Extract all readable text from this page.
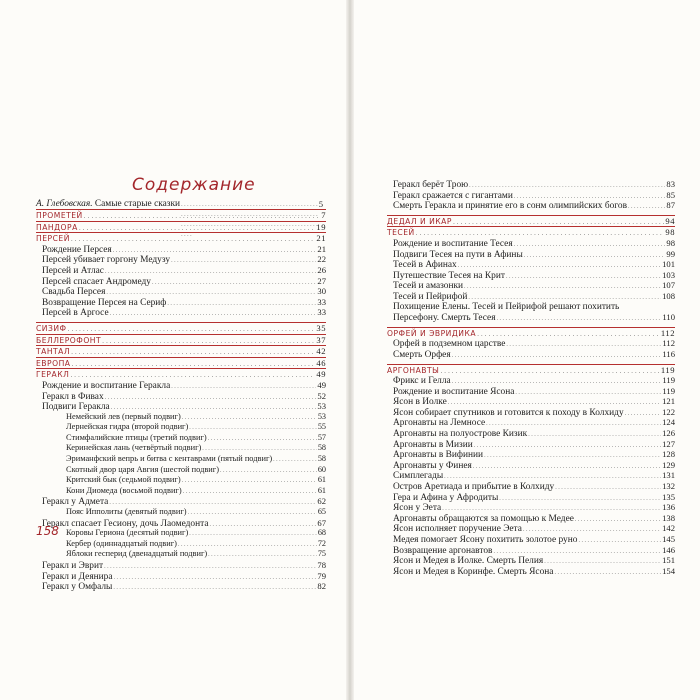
Содержание
А. Глебовская. Самые старые сказки . . .	5
ПРОМЕТЕЙ . . .	7
ПАНДОРА . . .	19
ПЕРСЕЙ . . .	21
Рождение Персея . . .	21
Персей убивает горгону Медузу . . .	22
Персей и Атлас . . .	26
Персей спасает Андромеду . . .	27
Свадьба Персея . . .	30
Возвращение Персея на Сериф . . .	33
Персей в Аргосе . . .	33
СИЗИФ . . .	35
БЕЛЛЕРОФОНТ . . .	37
ТАНТАЛ . . .	42
ЕВРОПА . . .	46
ГЕРАКЛ . . .	49
Рождение и воспитание Геракла . . .	49
Геракл в Фивах . . .	52
Подвиги Геракла . . .	53
Немейский лев (первый подвиг) . . .	53
Лернейская гидра (второй подвиг) . . .	55
Стимфалийские птицы (третий подвиг) . . .	57
Керинейская лань (четвёртый подвиг) . . .	58
Эриманфский вепрь и битва с кентаврами (пятый подвиг) . . .	58
Скотный двор царя Авгия (шестой подвиг) . . .	60
Критский бык (седьмой подвиг) . . .	61
Кони Диомеда (восьмой подвиг) . . .	61
Геракл у Адмета . . .	62
Пояс Ипполиты (девятый подвиг) . . .	65
Геракл спасает Гесиону, дочь Лаомедонта . . .	67
Коровы Гериона (десятый подвиг) . . .	68
Кербер (одиннадцатый подвиг) . . .	72
Яблоки гесперид (двенадцатый подвиг) . . .	75
Геракл и Эврит . . .	78
Геракл и Деянира . . .	79
Геракл у Омфалы . . .	82
Геракл берёт Трою . . .	83
Геракл сражается с гигантами . . .	85
Смерть Геракла и принятие его в сонм олимпийских богов . . .	87
ДЕДАЛ И ИКАР . . .	94
ТЕСЕЙ . . .	98
Рождение и воспитание Тесея . . .	98
Подвиги Тесея на пути в Афины . . .	99
Тесей в Афинах . . .	101
Путешествие Тесея на Крит . . .	103
Тесей и амазонки . . .	107
Тесей и Пейрифой . . .	108
Похищение Елены. Тесей и Пейрифой решают похитить
Персефону. Смерть Тесея . . .	110
ОРФЕЙ И ЭВРИДИКА . . .	112
Орфей в подземном царстве . . .	112
Смерть Орфея . . .	116
АРГОНАВТЫ . . .	119
Фрикс и Гелла . . .	119
Рождение и воспитание Ясона . . .	119
Ясон в Иолке . . .	121
Ясон собирает спутников и готовится к походу в Колхиду . . .	122
Аргонавты на Лемносе . . .	124
Аргонавты на полуострове Кизик . . .	126
Аргонавты в Мизии . . .	127
Аргонавты в Вифинии . . .	128
Аргонавты у Финея . . .	129
Симплегады . . .	131
Остров Аретиада и прибытие в Колхиду . . .	132
Гера и Афина у Афродиты . . .	135
Ясон у Эета . . .	136
Аргонавты обращаются за помощью к Медее . . .	138
Ясон исполняет поручение Эета . . .	142
Медея помогает Ясону похитить золотое руно . . .	145
Возвращение аргонавтов . . .	146
Ясон и Медея в Иолке. Смерть Пелия . . .	151
Ясон и Медея в Коринфе. Смерть Ясона . . .	154
158
